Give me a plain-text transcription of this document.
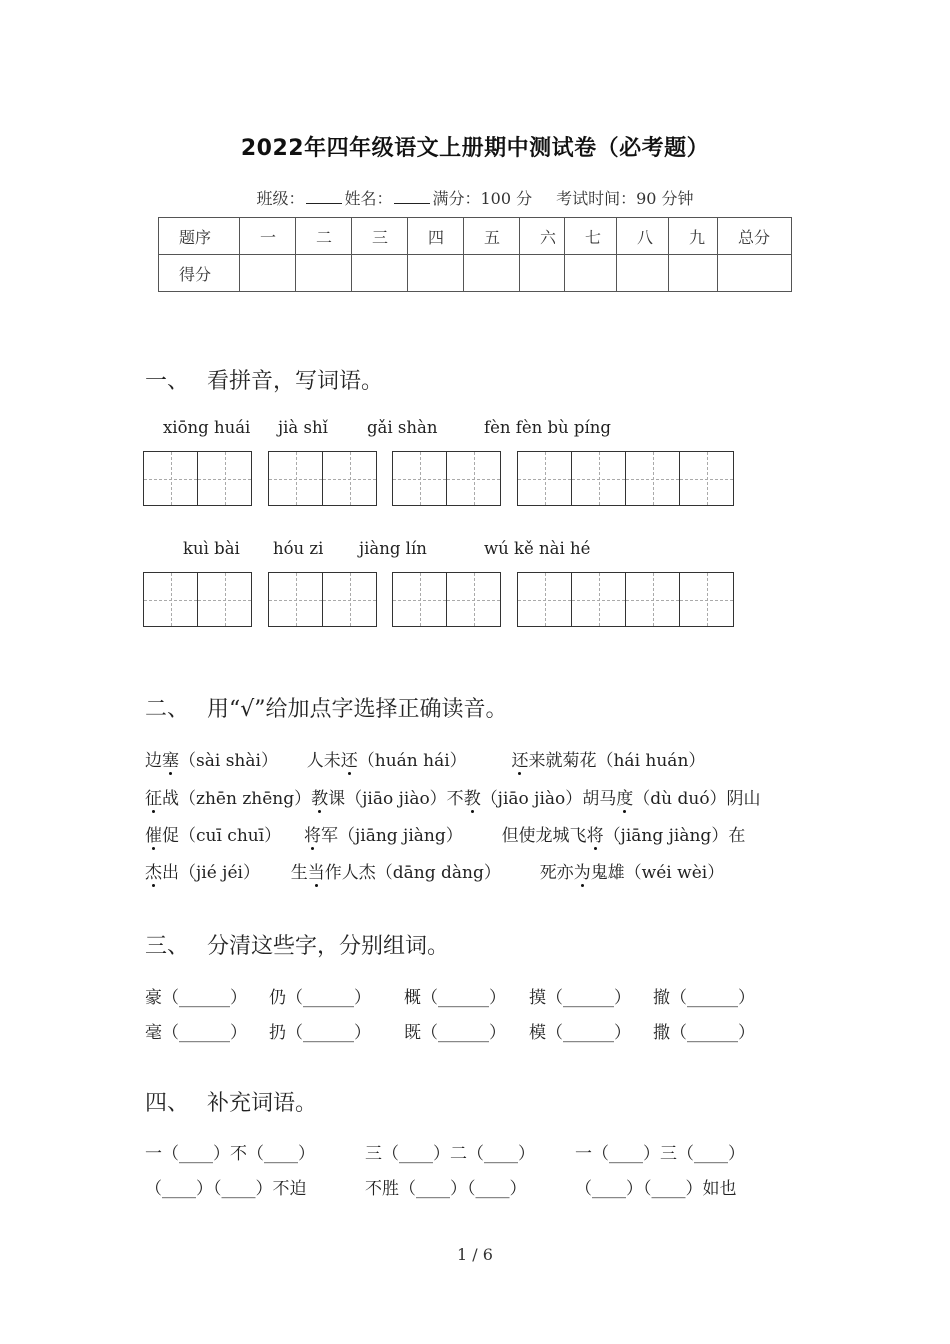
2022年四年级语文上册期中测试卷（必考题）
班级：	姓名：	满分：100 分 考试时间：90 分钟
题序	一	二	三	四	五	六	七	八	九	总分
得分										
一、 看拼音，写词语。
xiōng huái jià shǐ gǎi shàn	fèn fèn bù píng
kuì bài hóu zi jiàng lín	wú kě nài hé
二、 用“√”给加点字选择正确读音。
边塞（sài shài） 人未还（huán hái）	还来就菊花（hái huán）
征战（zhēn zhēng）教课（jiāo jiào）不教（jiāo jiào）胡马度（dù duó）阴山
催促（cuī chuī） 将军（jiāng jiàng） 但使龙城飞将（jiāng jiàng）在
杰出（jié jéi） 生当作人杰（dāng dàng） 死亦为鬼雄（wéi wèi）
三、 分清这些字，分别组词。
豪（______） 仍（______） 概（______） 摸（______） 撤（______）
毫（______） 扔（______） 既（______） 模（______） 撒（______）
四、 补充词语。
一（____）不（____）	三（____）二（____） 一（____）三（____）
（____）（____）不迫	不胜（____）（____）	（____）（____）如也
1 / 6
